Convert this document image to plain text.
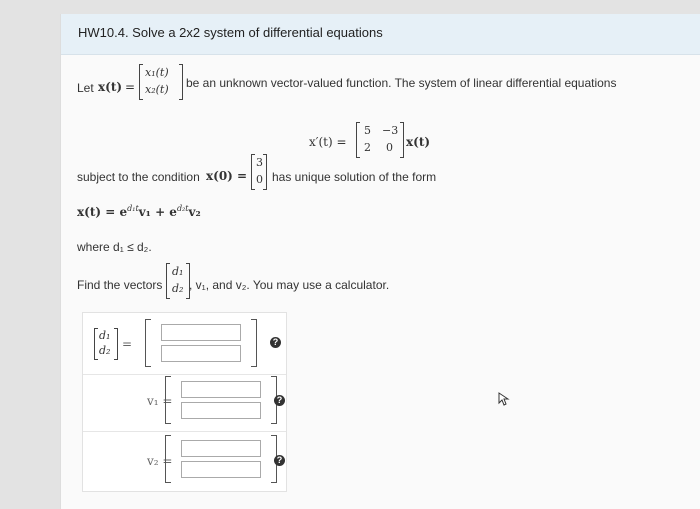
HW10.4. Solve a 2x2 system of differential equations
Let x(t) =
x₁(t)
x₂(t) be an unknown vector-valued function. The system of linear differential equations
x′(t) =
5 −3
2 0 x(t)
subject to the condition x(0) =
3
0 has unique solution of the form
$x(t) = e^{d_1t}v_1 + e^{d_2t}v_2$
where d₁ ≤ d₂.
Find the vectors
d₁
d₂ , v₁, and v₂. You may use a calculator.
d₁
d₂ =	?
v₁ =	?
v₂ =	?
